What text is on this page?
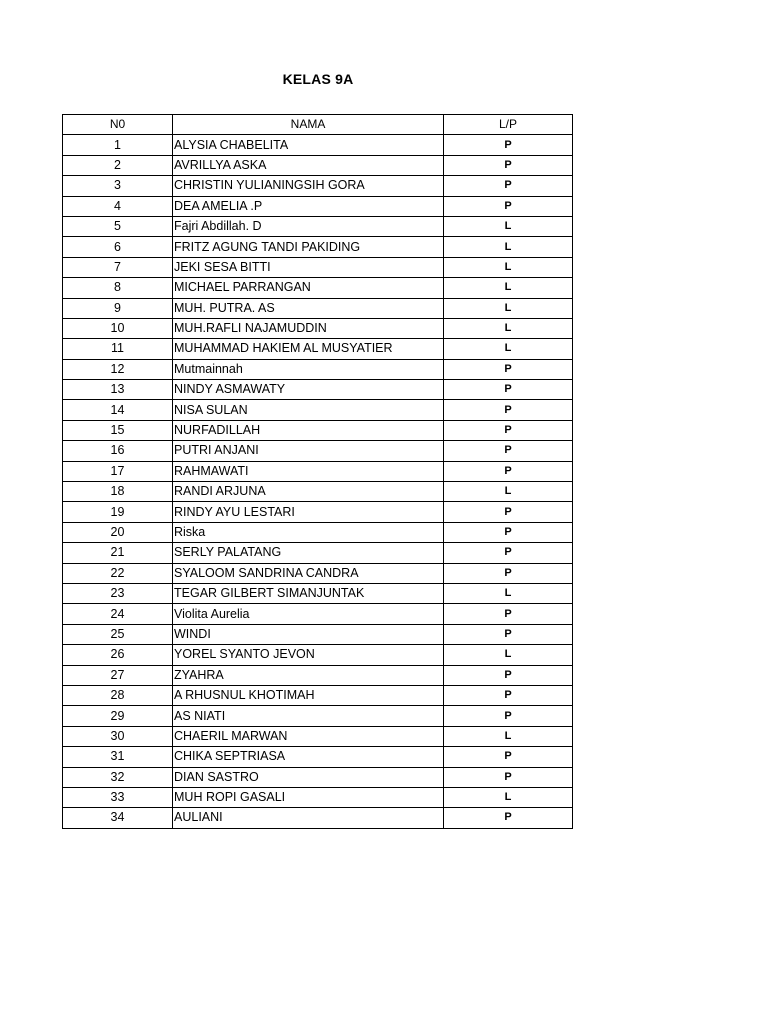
KELAS 9A
N0	NAMA	L/P
1	ALYSIA CHABELITA	P
2	AVRILLYA ASKA	P
3	CHRISTIN YULIANINGSIH GORA	P
4	DEA AMELIA .P	P
5	Fajri Abdillah. D	L
6	FRITZ AGUNG TANDI PAKIDING	L
7	JEKI SESA BITTI	L
8	MICHAEL PARRANGAN	L
9	MUH. PUTRA. AS	L
10	MUH.RAFLI NAJAMUDDIN	L
11	MUHAMMAD HAKIEM AL MUSYATIER	L
12	Mutmainnah	P
13	NINDY ASMAWATY	P
14	NISA SULAN	P
15	NURFADILLAH	P
16	PUTRI ANJANI	P
17	RAHMAWATI	P
18	RANDI ARJUNA	L
19	RINDY AYU LESTARI	P
20	Riska	P
21	SERLY PALATANG	P
22	SYALOOM SANDRINA CANDRA	P
23	TEGAR GILBERT SIMANJUNTAK	L
24	Violita Aurelia	P
25	WINDI	P
26	YOREL SYANTO JEVON	L
27	ZYAHRA	P
28	A RHUSNUL KHOTIMAH	P
29	AS NIATI	P
30	CHAERIL MARWAN	L
31	CHIKA SEPTRIASA	P
32	DIAN SASTRO	P
33	MUH ROPI GASALI	L
34	AULIANI	P
